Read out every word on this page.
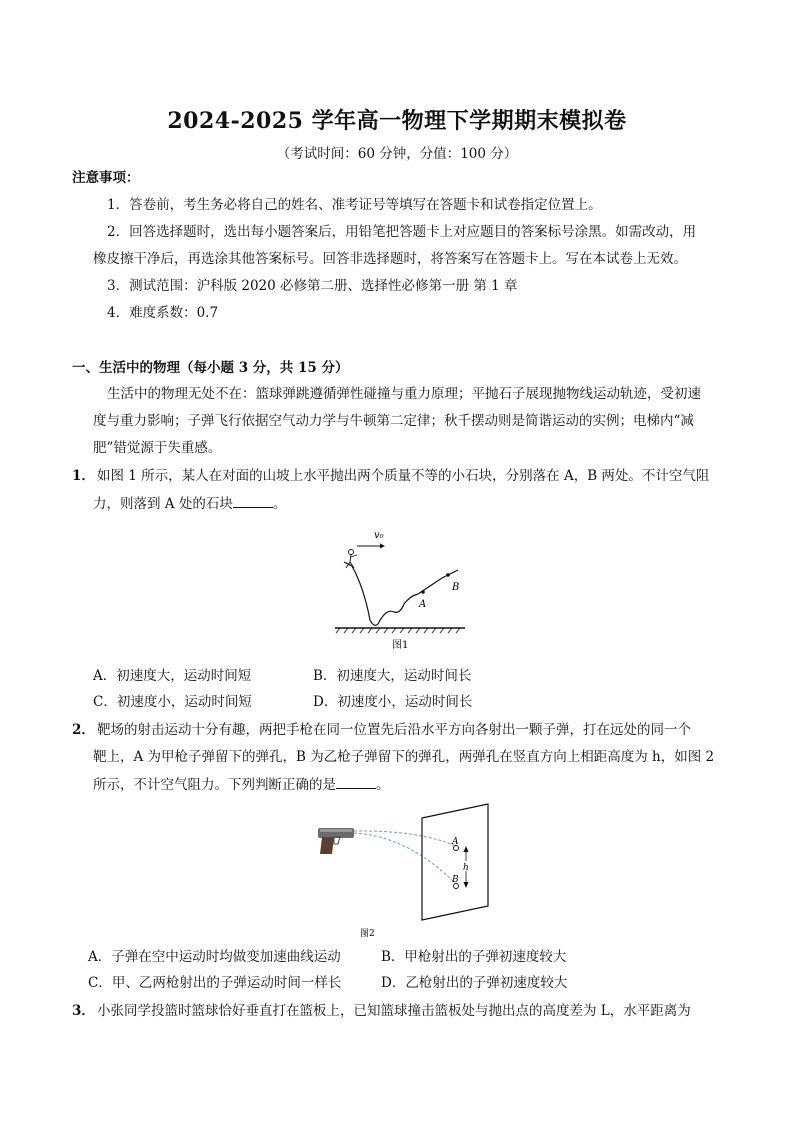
2024-2025 学年高一物理下学期期末模拟卷
（考试时间：60 分钟，分值：100 分）
注意事项：
1．答卷前，考生务必将自己的姓名、准考证号等填写在答题卡和试卷指定位置上。
2．回答选择题时，选出每小题答案后，用铅笔把答题卡上对应题目的答案标号涂黑。如需改动，用
橡皮擦干净后，再选涂其他答案标号。回答非选择题时，将答案写在答题卡上。写在本试卷上无效。
3．测试范围：沪科版 2020 必修第二册、选择性必修第一册 第 1 章
4．难度系数：0.7
一、生活中的物理（每小题 3 分，共 15 分）
生活中的物理无处不在：篮球弹跳遵循弹性碰撞与重力原理；平抛石子展现抛物线运动轨迹，受初速
度与重力影响；子弹飞行依据空气动力学与牛顿第二定律；秋千摆动则是简谐运动的实例；电梯内“减
肥”错觉源于失重感。
1． 如图 1 所示，某人在对面的山坡上水平抛出两个质量不等的小石块，分别落在 A，B 两处。不计空气阻
力，则落到 A 处的石块	。
v₀
A
B
图1
A．初速度大，运动时间短	B．初速度大，运动时间长
C．初速度小，运动时间短	D．初速度小，运动时间长
2． 靶场的射击运动十分有趣，两把手枪在同一位置先后沿水平方向各射出一颗子弹，打在远处的同一个
靶上，A 为甲枪子弹留下的弹孔，B 为乙枪子弹留下的弹孔，两弹孔在竖直方向上相距高度为 h，如图 2
所示，不计空气阻力。下列判断正确的是	。
A
B
h
图2
A．子弹在空中运动时均做变加速曲线运动	B．甲枪射出的子弹初速度较大
C．甲、乙两枪射出的子弹运动时间一样长	D．乙枪射出的子弹初速度较大
3． 小张同学投篮时篮球恰好垂直打在篮板上，已知篮球撞击篮板处与抛出点的高度差为 L，水平距离为
